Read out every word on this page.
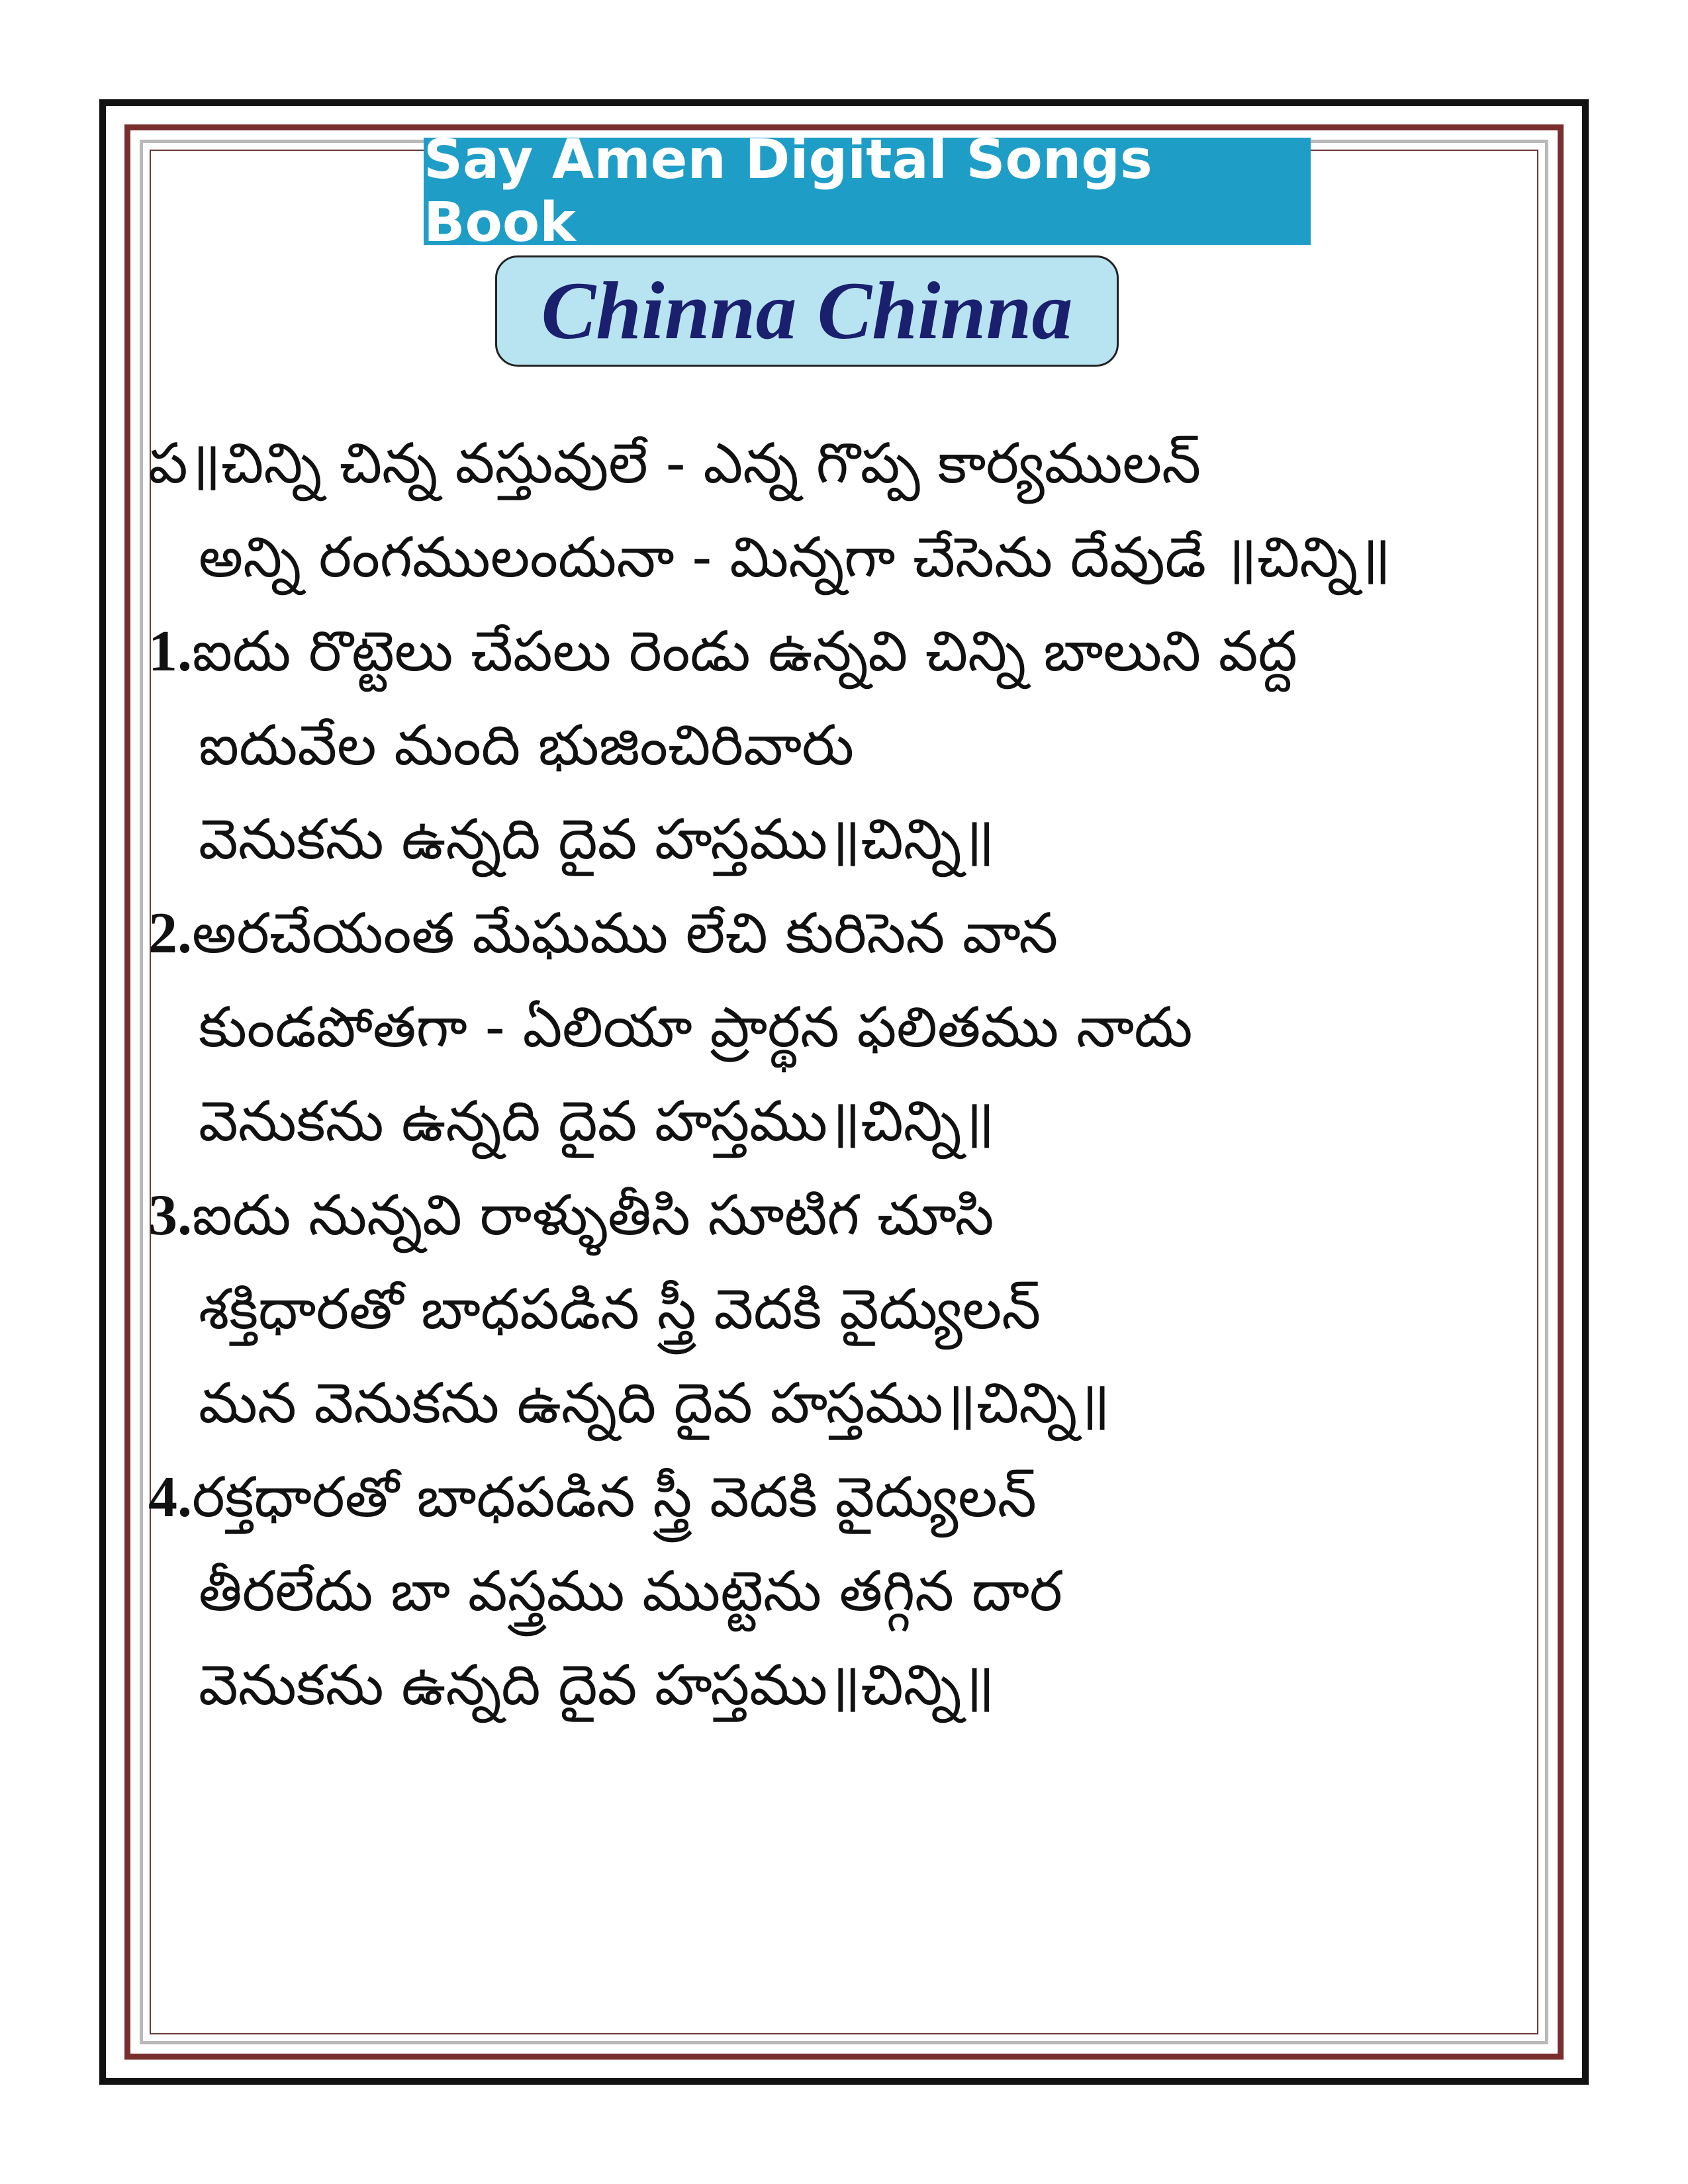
Say Amen Digital Songs Book
Chinna Chinna
ప॥చిన్ని చిన్న వస్తువులే - ఎన్న గొప్ప కార్యములన్
అన్ని రంగములందునా - మిన్నగా చేసెను దేవుడే ॥చిన్ని॥
1.ఐదు రొట్టెలు చేపలు రెండు ఉన్నవి చిన్ని బాలుని వద్ద
ఐదువేల మంది భుజించిరివారు
వెనుకను ఉన్నది దైవ హస్తము॥చిన్ని॥
2.అరచేయంత మేఘము లేచి కురిసెన వాన
కుండపోతగా - ఏలియా ప్రార్థన ఫలితము నాదు
వెనుకను ఉన్నది దైవ హస్తము॥చిన్ని॥
3.ఐదు నున్నవి రాళ్ళుతీసి సూటిగ చూసి
శక్తిధారతో బాధపడిన స్త్రీ వెదకి వైద్యులన్
మన వెనుకను ఉన్నది దైవ హస్తము॥చిన్ని॥
4.రక్తధారతో బాధపడిన స్త్రీ వెదకి వైద్యులన్
తీరలేదు బా వస్త్రము ముట్టెను తగ్గిన దార
వెనుకను ఉన్నది దైవ హస్తము॥చిన్ని॥
